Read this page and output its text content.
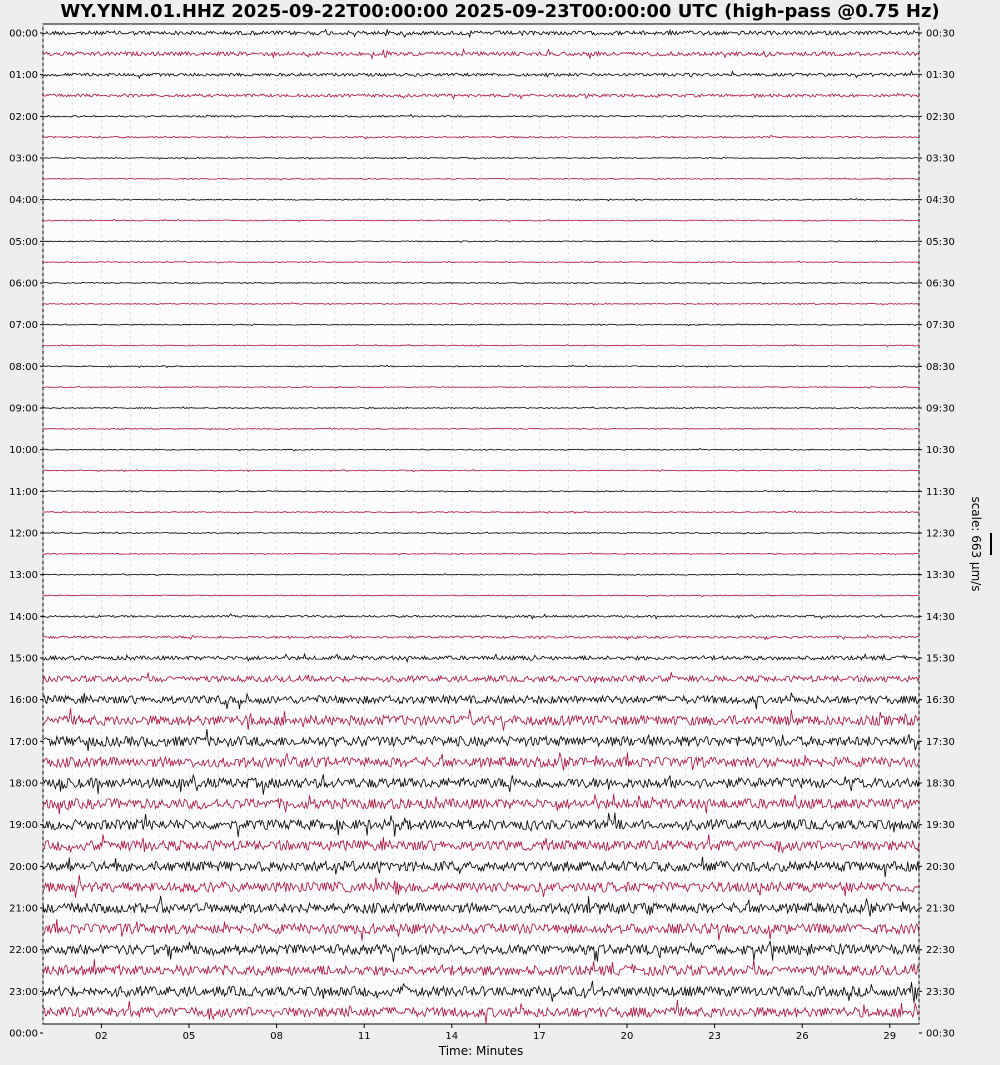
WY.YNM.01.HHZ 2025-09-22T00:00:00 2025-09-23T00:00:00 UTC (high-pass @0.75 Hz)
00:00
01:00
02:00
03:00
04:00
05:00
06:00
07:00
08:00
09:00
10:00
11:00
12:00
13:00
14:00
15:00
16:00
17:00
18:00
19:00
20:00
21:00
22:00
23:00
00:00
00:30
01:30
02:30
03:30
04:30
05:30
06:30
07:30
08:30
09:30
10:30
11:30
12:30
13:30
14:30
15:30
16:30
17:30
18:30
19:30
20:30
21:30
22:30
23:30
00:30
02	05	08	11	14	17	20	23	26	29
Time: Minutes
scale: 663 µm/s
